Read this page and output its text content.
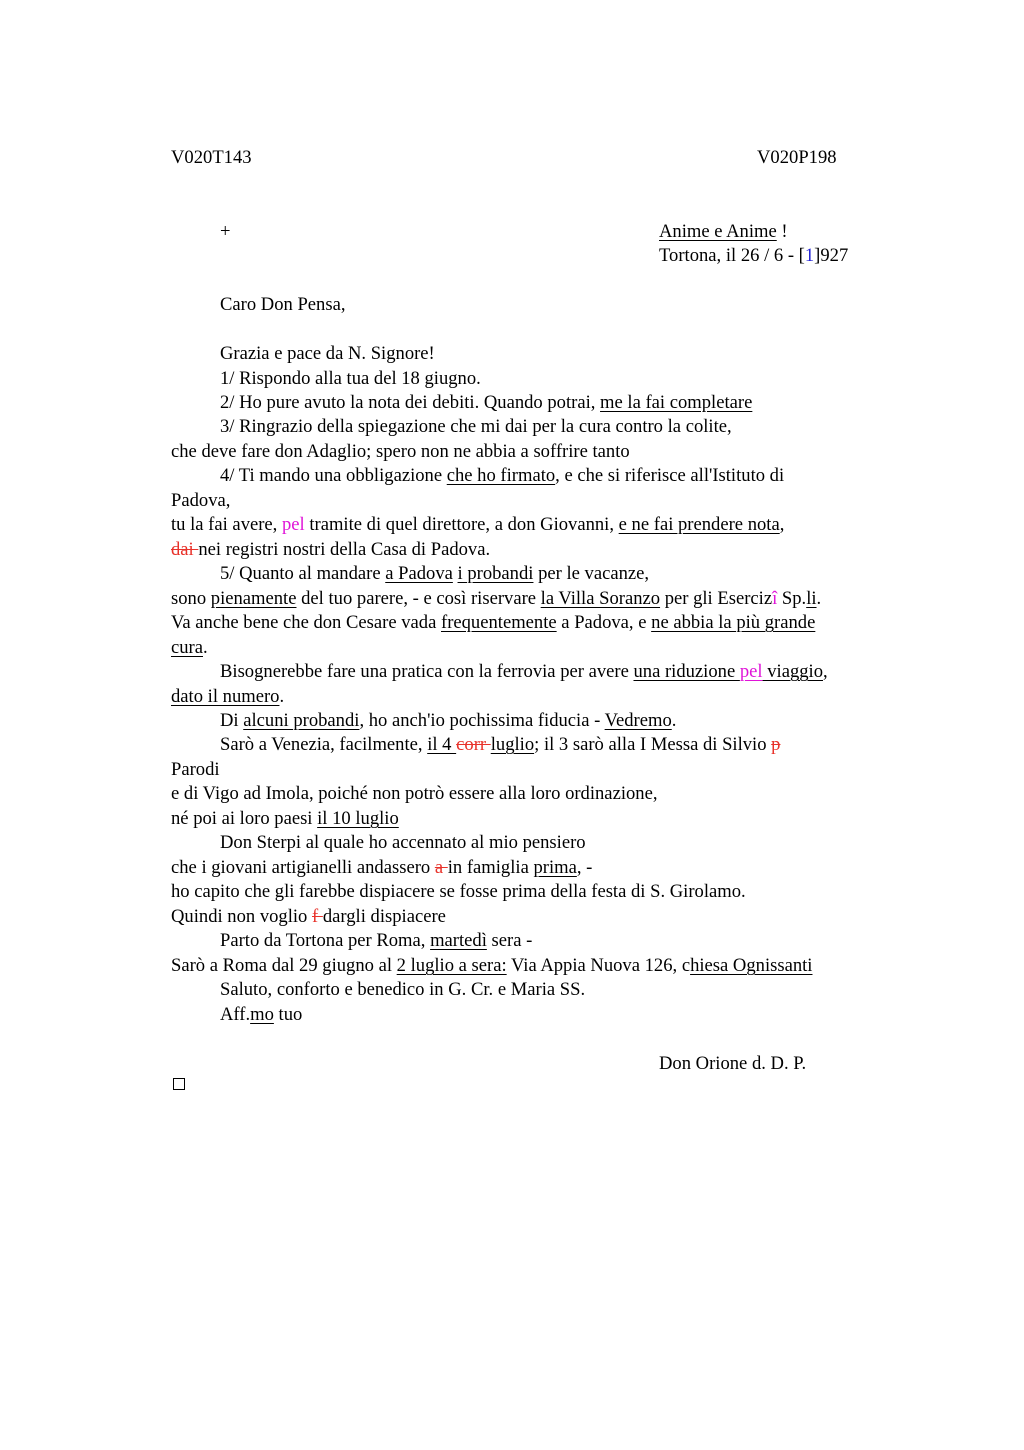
V020T143	V020P198
+	Anime e Anime !
Tortona, il 26 / 6 - [1]927
Caro Don Pensa,
Grazia e pace da N. Signore!
1/ Rispondo alla tua del 18 giugno.
2/ Ho pure avuto la nota dei debiti. Quando potrai, me la fai completare
3/ Ringrazio della spiegazione che mi dai per la cura contro la colite,
che deve fare don Adaglio; spero non ne abbia a soffrire tanto
4/ Ti mando una obbligazione che ho firmato, e che si riferisce all'Istituto di
Padova,
tu la fai avere, pel tramite di quel direttore, a don Giovanni, e ne fai prendere nota,
dai nei registri nostri della Casa di Padova.
5/ Quanto al mandare a Padova i probandi per le vacanze,
sono pienamente del tuo parere, - e così riservare la Villa Soranzo per gli Esercizî Sp.li.
Va anche bene che don Cesare vada frequentemente a Padova, e ne abbia la più grande
cura.
Bisognerebbe fare una pratica con la ferrovia per avere una riduzione pel viaggio,
dato il numero.
Di alcuni probandi, ho anch'io pochissima fiducia - Vedremo.
Sarò a Venezia, facilmente, il 4 corr luglio; il 3 sarò alla I Messa di Silvio p
Parodi
e di Vigo ad Imola, poiché non potrò essere alla loro ordinazione,
né poi ai loro paesi il 10 luglio
Don Sterpi al quale ho accennato al mio pensiero
che i giovani artigianelli andassero a in famiglia prima, -
ho capito che gli farebbe dispiacere se fosse prima della festa di S. Girolamo.
Quindi non voglio f dargli dispiacere
Parto da Tortona per Roma, martedì sera -
Sarò a Roma dal 29 giugno al 2 luglio a sera: Via Appia Nuova 126, chiesa Ognissanti
Saluto, conforto e benedico in G. Cr. e Maria SS.
Aff.mo tuo
Don Orione d. D. P.
